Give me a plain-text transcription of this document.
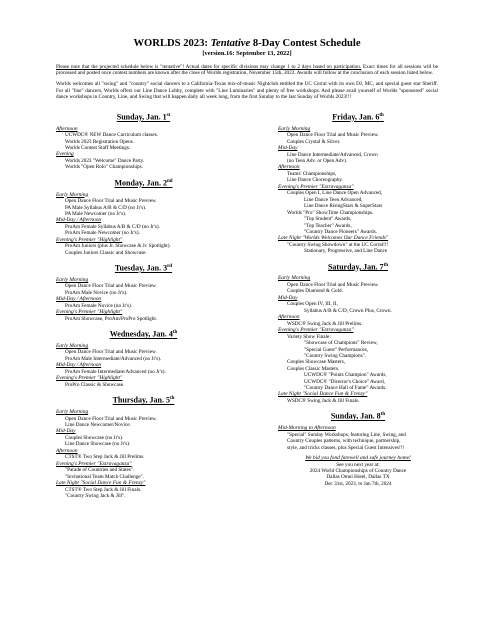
WORLDS 2023: Tentative 8-Day Contest Schedule
[version.16: September 13, 2022]

Please note that the projected schedule below is "tentative"! Actual dates for specific divisions may change 1 to 2 days based on participation. Exact times for all sessions will be processed and posted once contest numbers are known after the close of Worlds registration, November 15th, 2022. Awards will follow at the conclusion of each session listed below.

Worlds welcomes all "swing" and "country" social dancers to a California-Texas mix-of-music Nightclub entitled the UC Corral with its own DJ, MC, and special guest star Sheriff. For all "line" dancers, Worlds offers our Line Dance Lobby, complete with "Line Luminaries" and plenty of free workshops. And please avail yourself of Worlds "sponsored" social dance workshops in Country, Line, and Swing that will happen daily all week long, from the first Sunday to the last Sunday of Worlds 2023!!!

Sunday, Jan. 1st
Afternoon
UCWDC® NEW Dance Curriculum classes.
Worlds 2023 Registration Opens.
Worlds Contest Staff Meetings.
Evening
Worlds 2023 "Welcome" Dance Party.
Worlds "Open Rolo" Championships.
Monday, Jan. 2nd
Early Morning
Open Dance Floor Trial and Music Preview.
PA Male Syllabus A/B & C/D (no Jr's).
PA Male Newcomer (no Jr's).
Mid-Day / Afternoon
ProAm Female Syllabus A/B & C/D (no Jr's).
ProAm Female Newcomer (no Jr's).
Evening's Premier "Highlight"
ProAm Juniors (plus Jr. Showcase & Jr. Spotlight).
Couples Juniors Classic and Showcase.
Tuesday, Jan. 3rd
Early Morning
Open Dance Floor Trial and Music Preview.
ProAm Male Novice (no Jr's).
Mid-Day / Afternoon
ProAm Female Novice (no Jr's).
Evening's Premier "Highlight"
ProAm Showcase, ProAm/ProPro Spotlight.
Wednesday, Jan. 4th
Early Morning
Open Dance Floor Trial and Music Preview.
ProAm Male Intermediate/Advanced (no Jr's).
Mid-Day / Afternoon
ProAm Female Intermediate/Advanced (no Jr's).
Evening's Premier "Highlight"
ProPro Classic & Showcase.
Thursday, Jan. 5th
Early Morning
Open Dance Floor Trial and Music Preview.
Line Dance Newcomer/Novice.
Mid-Day
Couples Showcase (no Jr's).
Line Dance Showcase (no Jr's).
Afternoon
CTST® Two Step Jack & Jill Prelims.
Evening's Premier "Extravaganza"
"Parade of Countries and States".
"Invitational Team Match Challenge".
Late Night "Social Dance Fun & Frenzy"
CTST® Two Step Jack & Jill Finals.
"Country Swing Jack & Jill".
Friday, Jan. 6th
Early Morning
Open Dance Floor Trial and Music Preview.
Couples Crystal & Silver.
Mid-Day
Line Dance Intermediate/Advanced, Crown
(no Teen Adv. or Open Adv).
Afternoon
Teams' Championships,
Line Dance Choreography.
Evening's Premier "Extravaganza"
Couples Open I, Line Dance Open Advanced,
Line Dance Teen Advanced,
Line Dance RisingStars & SuperStars
Worlds "Pro" ShowTime Championships.
"Top Student" Awards,
"Top Teacher" Awards,
"Country Dance Pioneers" Awards.
Late Night "Worlds Welcomes Our Dance Friends"
"Country Swing Showdown" at the UC Corral!!!
Stationary, Progressive, and Line Dance
Saturday, Jan. 7th
Early Morning
Open Dance Floor Trial and Music Preview.
Couples Diamond & Gold.
Mid-Day
Couples Open IV, III, II,
Syllabus A/B & C/D, Crown Plus, Crown.
Afternoon
WSDC® Swing Jack & Jill Prelims.
Evening's Premier "Extravaganza"
Variety Show Finale:
"Showcase of Champions" Review,
"Special Guest" Performances,
"Country Swing Champions".
Couples Showcase Masters,
Couples Classic Masters.
UCWDC® "Points Champion" Awards,
UCWDC® "Director's Choice" Award,
"Country Dance Hall of Fame" Awards.
Late Night "Social Dance Fun & Frenzy"
WSDC® Swing Jack & Jill Finals.
Sunday, Jan. 8th
Mid-Morning to Afternoon
"Special" Sunday Workshops, featuring Line, Swing, and
Country Couples patterns, with technique, partnership,
style, and tricks classes, plus Special Guest Intensives!!!
We bid you fond farewell and safe journey home!
See you next year at:
2024 World Championships of Country Dance
Dallas Omni Hotel, Dallas TX
Dec 31st, 2023, to Jan 7th, 2024
